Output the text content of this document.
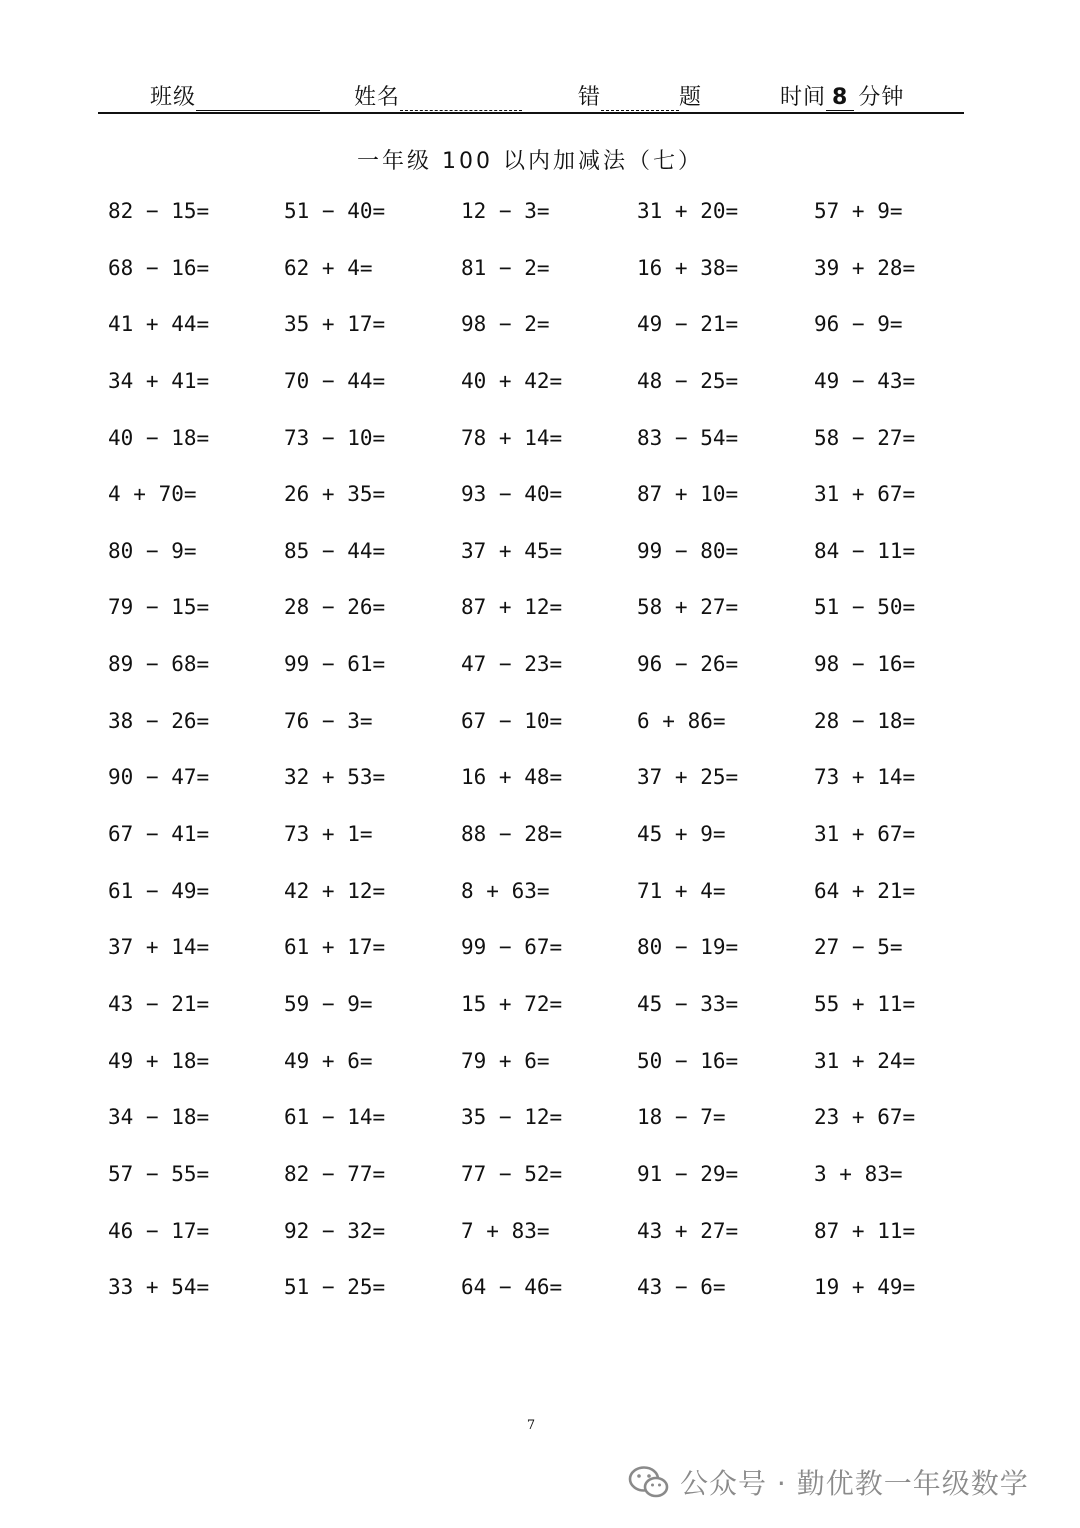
班级	姓名	错	题	时间 8 分钟
一年级 100 以内加减法（七）
82 − 15=	51 − 40=	12 − 3=	31 + 20=	57 + 9=
68 − 16=	62 + 4=	81 − 2=	16 + 38=	39 + 28=
41 + 44=	35 + 17=	98 − 2=	49 − 21=	96 − 9=
34 + 41=	70 − 44=	40 + 42=	48 − 25=	49 − 43=
40 − 18=	73 − 10=	78 + 14=	83 − 54=	58 − 27=
4 + 70=	26 + 35=	93 − 40=	87 + 10=	31 + 67=
80 − 9=	85 − 44=	37 + 45=	99 − 80=	84 − 11=
79 − 15=	28 − 26=	87 + 12=	58 + 27=	51 − 50=
89 − 68=	99 − 61=	47 − 23=	96 − 26=	98 − 16=
38 − 26=	76 − 3=	67 − 10=	6 + 86=	28 − 18=
90 − 47=	32 + 53=	16 + 48=	37 + 25=	73 + 14=
67 − 41=	73 + 1=	88 − 28=	45 + 9=	31 + 67=
61 − 49=	42 + 12=	8 + 63=	71 + 4=	64 + 21=
37 + 14=	61 + 17=	99 − 67=	80 − 19=	27 − 5=
43 − 21=	59 − 9=	15 + 72=	45 − 33=	55 + 11=
49 + 18=	49 + 6=	79 + 6=	50 − 16=	31 + 24=
34 − 18=	61 − 14=	35 − 12=	18 − 7=	23 + 67=
57 − 55=	82 − 77=	77 − 52=	91 − 29=	3 + 83=
46 − 17=	92 − 32=	7 + 83=	43 + 27=	87 + 11=
33 + 54=	51 − 25=	64 − 46=	43 − 6=	19 + 49=
7
公众号 · 勤优教一年级数学
